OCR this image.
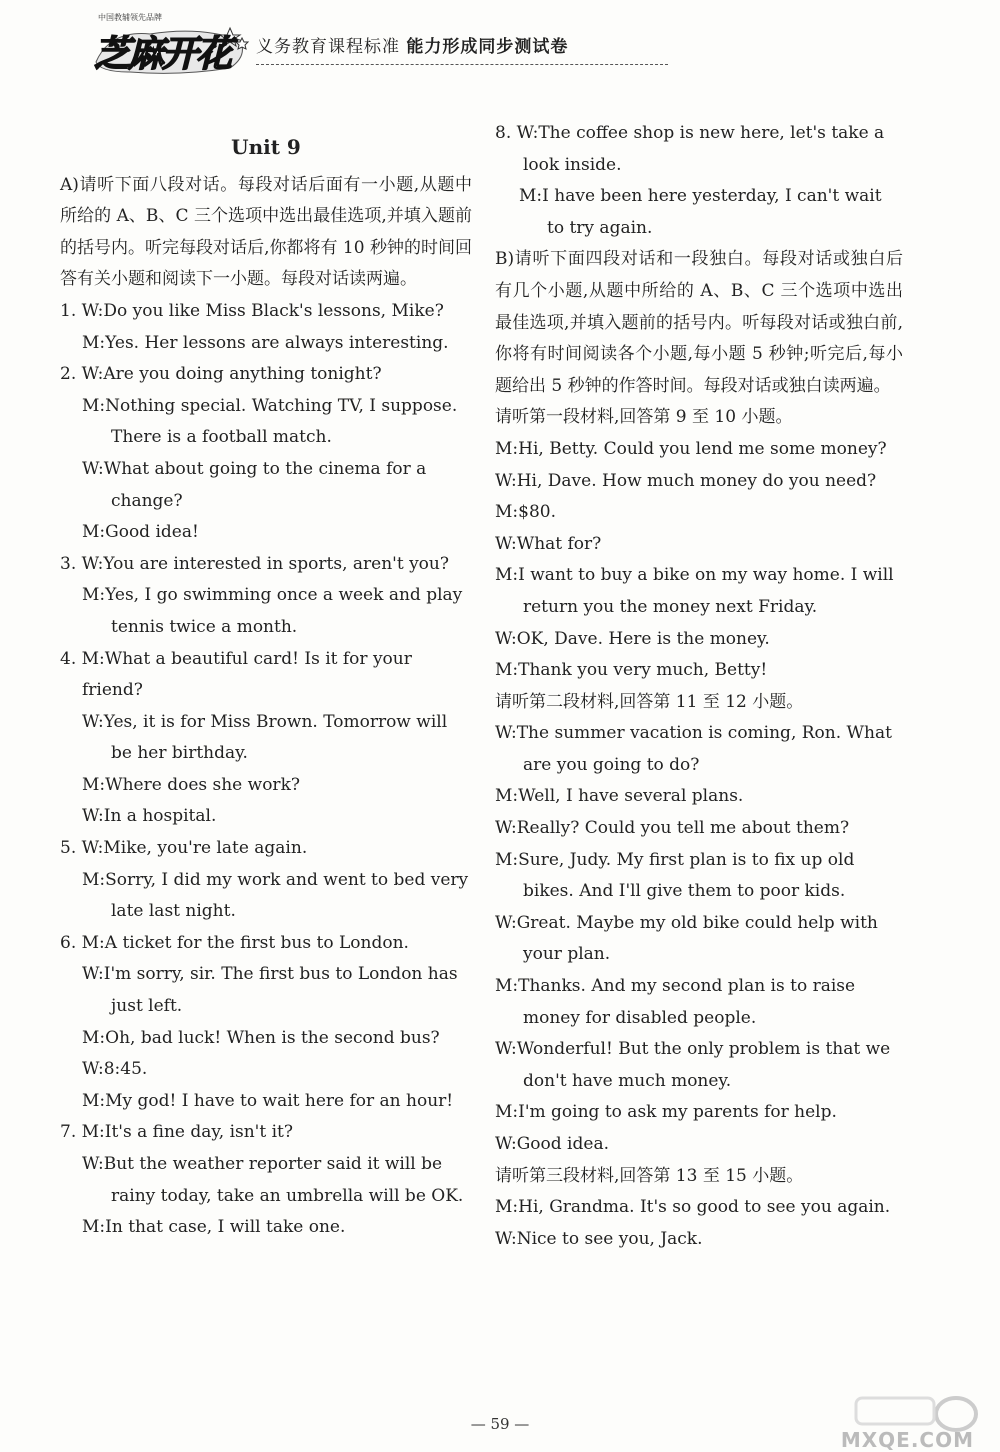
中国教辅领先品牌
芝麻开花 义务教育课程标准 能力形成同步测试卷
Unit 9
A)请听下面八段对话。每段对话后面有一小题,从题中所给的 A、B、C 三个选项中选出最佳选项,并填入题前的括号内。听完每段对话后,你都将有 10 秒钟的时间回答有关小题和阅读下一小题。每段对话读两遍。
1. W:Do you like Miss Black's lessons, Mike?
M:Yes. Her lessons are always interesting.
2. W:Are you doing anything tonight?
M:Nothing special. Watching TV, I suppose. There is a football match.
W:What about going to the cinema for a change?
M:Good idea!
3. W:You are interested in sports, aren't you?
M:Yes, I go swimming once a week and play tennis twice a month.
4. M:What a beautiful card! Is it for your friend?
W:Yes, it is for Miss Brown. Tomorrow will be her birthday.
M:Where does she work?
W:In a hospital.
5. W:Mike, you're late again.
M:Sorry, I did my work and went to bed very late last night.
6. M:A ticket for the first bus to London.
W:I'm sorry, sir. The first bus to London has just left.
M:Oh, bad luck! When is the second bus?
W:8:45.
M:My god! I have to wait here for an hour!
7. M:It's a fine day, isn't it?
W:But the weather reporter said it will be rainy today, take an umbrella will be OK.
M:In that case, I will take one.
8. W:The coffee shop is new here, let's take a look inside.
M:I have been here yesterday, I can't wait to try again.
B)请听下面四段对话和一段独白。每段对话或独白后有几个小题,从题中所给的 A、B、C 三个选项中选出最佳选项,并填入题前的括号内。听每段对话或独白前,你将有时间阅读各个小题,每小题 5 秒钟;听完后,每小题给出 5 秒钟的作答时间。每段对话或独白读两遍。
请听第一段材料,回答第 9 至 10 小题。
M:Hi, Betty. Could you lend me some money?
W:Hi, Dave. How much money do you need?
M:$80.
W:What for?
M:I want to buy a bike on my way home. I will return you the money next Friday.
W:OK, Dave. Here is the money.
M:Thank you very much, Betty!
请听第二段材料,回答第 11 至 12 小题。
W:The summer vacation is coming, Ron. What are you going to do?
M:Well, I have several plans.
W:Really? Could you tell me about them?
M:Sure, Judy. My first plan is to fix up old bikes. And I'll give them to poor kids.
W:Great. Maybe my old bike could help with your plan.
M:Thanks. And my second plan is to raise money for disabled people.
W:Wonderful! But the only problem is that we don't have much money.
M:I'm going to ask my parents for help.
W:Good idea.
请听第三段材料,回答第 13 至 15 小题。
M:Hi, Grandma. It's so good to see you again.
W:Nice to see you, Jack.
— 59 —
MXQE.COM
